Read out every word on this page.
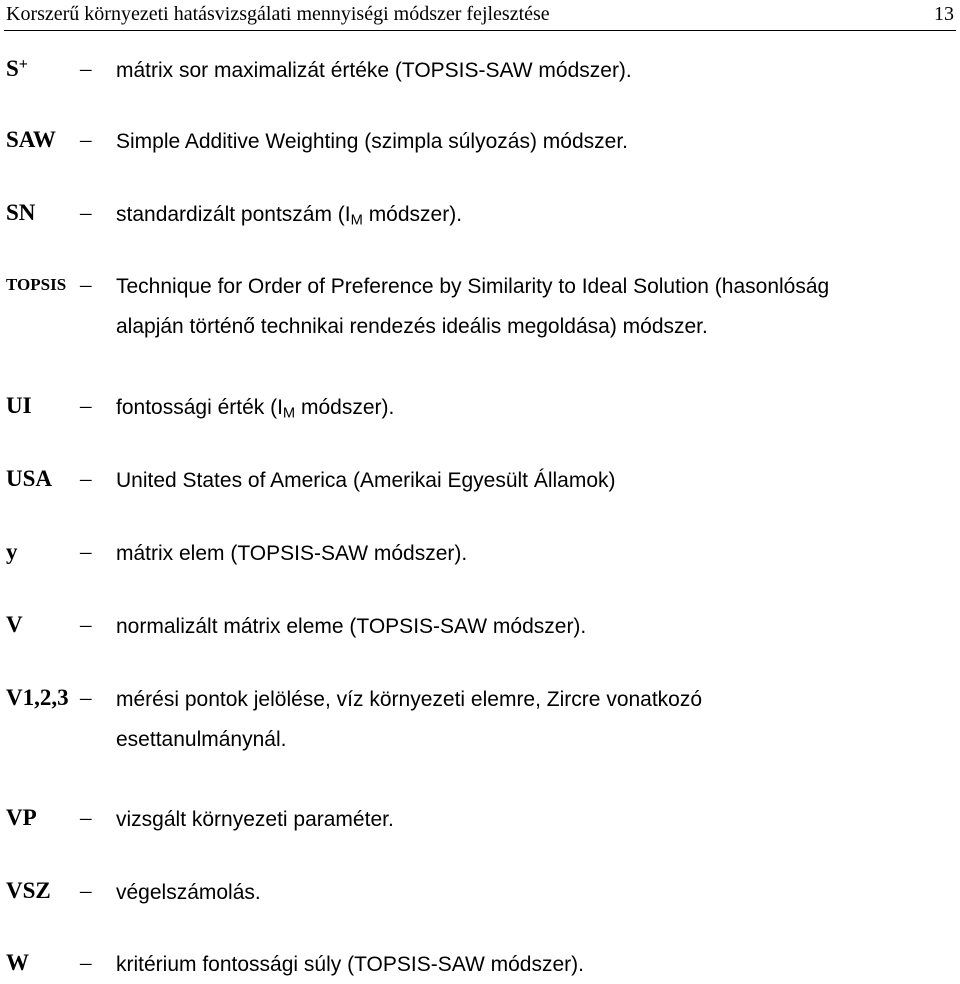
Korszerű környezeti hatásvizsgálati mennyiségi módszer fejlesztése	13
S+ – mátrix sor maximalizát értéke (TOPSIS-SAW módszer).
SAW – Simple Additive Weighting (szimpla súlyozás) módszer.
SN – standardizált pontszám ($I_M$ módszer).
TOPSIS – Technique for Order of Preference by Similarity to Ideal Solution (hasonlóság
alapján történő technikai rendezés ideális megoldása) módszer.
UI – fontossági érték ($I_M$ módszer).
USA – United States of America (Amerikai Egyesült Államok)
y	– mátrix elem (TOPSIS-SAW módszer).
V – normalizált mátrix eleme (TOPSIS-SAW módszer).
V1,2,3 – mérési pontok jelölése, víz környezeti elemre, Zircre vonatkozó
esettanulmánynál.
VP – vizsgált környezeti paraméter.
VSZ – végelszámolás.
W – kritérium fontossági súly (TOPSIS-SAW módszer).
